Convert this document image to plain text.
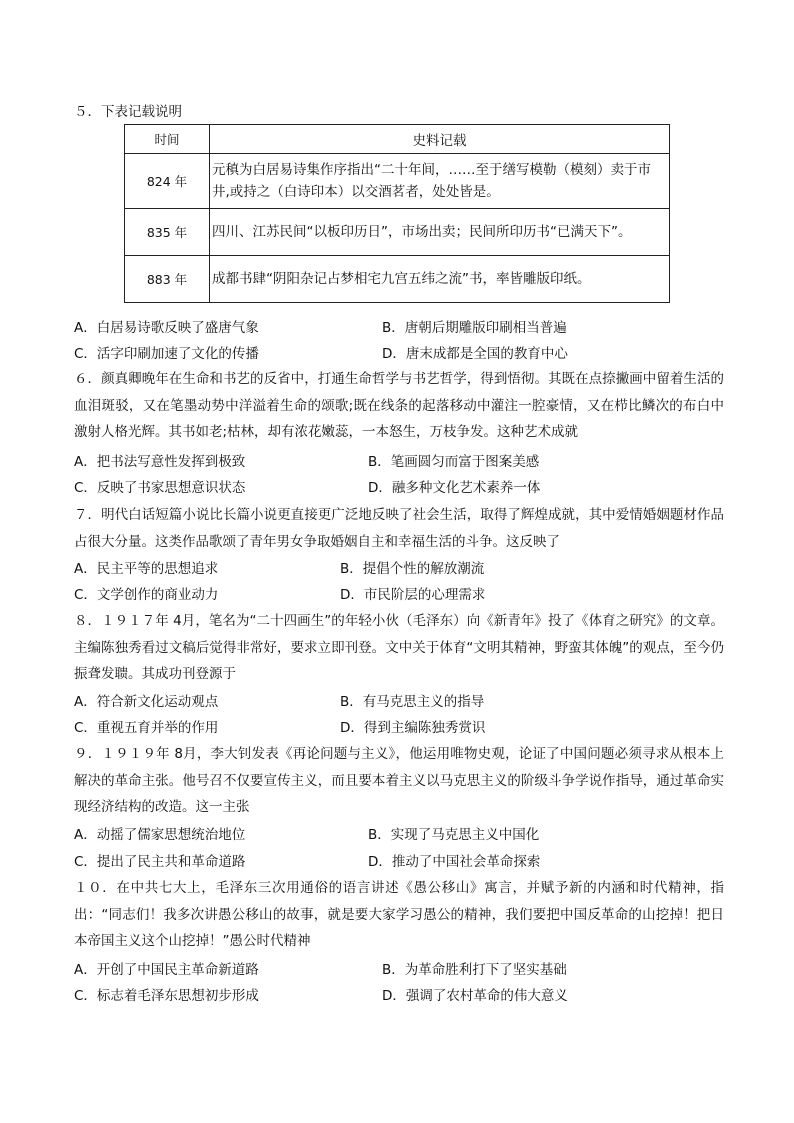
５．下表记载说明
时间	史料记载
824 年	元稹为白居易诗集作序指出“二十年间，……至于缮写模勒（模刻）卖于市井,或持之（白诗印本）以交酒茗者，处处皆是。
835 年	四川、江苏民间“以板印历日”，市场出卖；民间所印历书“已满天下”。
883 年	成都书肆“阴阳杂记占梦相宅九宫五纬之流”书，率皆雕版印纸。
A．白居易诗歌反映了盛唐气象	B．唐朝后期雕版印刷相当普遍
C．活字印刷加速了文化的传播	D．唐末成都是全国的教育中心
６．颜真卿晚年在生命和书艺的反省中，打通生命哲学与书艺哲学，得到悟彻。其既在点捺撇画中留着生活的血泪斑驳，又在笔墨动势中洋溢着生命的颂歌;既在线条的起落移动中灌注一腔豪情，又在栉比鳞次的布白中激射人格光辉。其书如老;枯林，却有浓花嫩蕊，一本怒生，万枝争发。这种艺术成就
A．把书法写意性发挥到极致	B．笔画圆匀而富于图案美感
C．反映了书家思想意识状态	D．融多种文化艺术素养一体
７．明代白话短篇小说比长篇小说更直接更广泛地反映了社会生活，取得了辉煌成就，其中爱情婚姻题材作品占很大分量。这类作品歌颂了青年男女争取婚姻自主和幸福生活的斗争。这反映了
A．民主平等的思想追求	B．提倡个性的解放潮流
C．文学创作的商业动力	D．市民阶层的心理需求
８．１９１７年 4月，笔名为“二十四画生”的年轻小伙（毛泽东）向《新青年》投了《体育之研究》的文章。主编陈独秀看过文稿后觉得非常好，要求立即刊登。文中关于体育“文明其精神，野蛮其体魄”的观点，至今仍振聋发聩。其成功刊登源于
A．符合新文化运动观点	B．有马克思主义的指导
C．重视五育并举的作用	D．得到主编陈独秀赏识
９．１９１９年 8月，李大钊发表《再论问题与主义》，他运用唯物史观，论证了中国问题必须寻求从根本上解决的革命主张。他号召不仅要宣传主义，而且要本着主义以马克思主义的阶级斗争学说作指导，通过革命实现经济结构的改造。这一主张
A．动摇了儒家思想统治地位	B．实现了马克思主义中国化
C．提出了民主共和革命道路	D．推动了中国社会革命探索
１０．在中共七大上，毛泽东三次用通俗的语言讲述《愚公移山》寓言，并赋予新的内涵和时代精神，指出：“同志们！我多次讲愚公移山的故事，就是要大家学习愚公的精神，我们要把中国反革命的山挖掉！把日本帝国主义这个山挖掉！”愚公时代精神
A．开创了中国民主革命新道路	B．为革命胜利打下了坚实基础
C．标志着毛泽东思想初步形成	D．强调了农村革命的伟大意义
